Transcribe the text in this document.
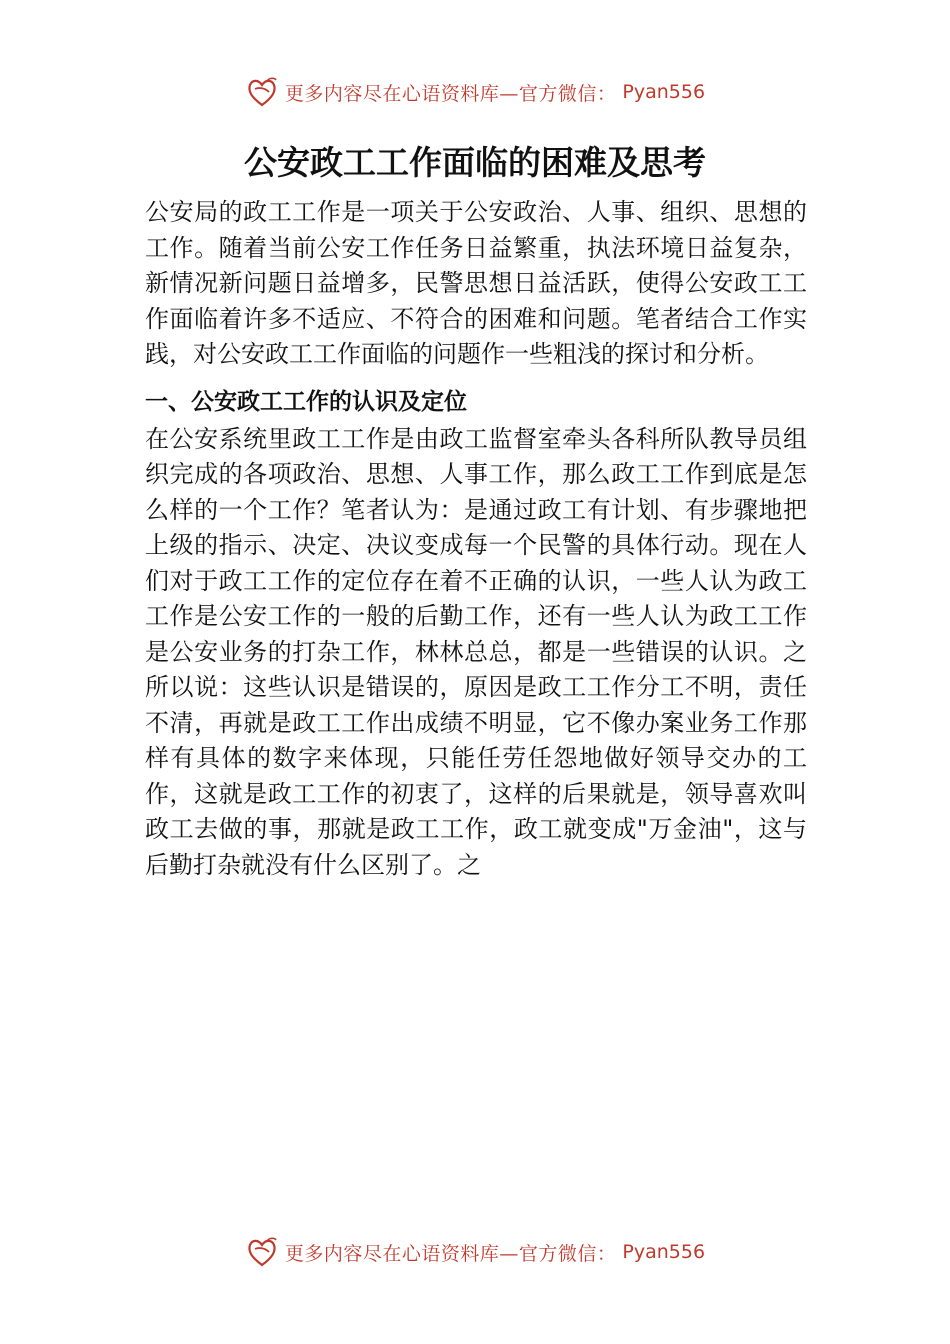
更多内容尽在心语资料库—官方微信： Pyan556
公安政工工作面临的困难及思考

公安局的政工工作是一项关于公安政治、人事、组织、思想的工作。随着当前公安工作任务日益繁重，执法环境日益复杂，新情况新问题日益增多，民警思想日益活跃，使得公安政工工作面临着许多不适应、不符合的困难和问题。笔者结合工作实践，对公安政工工作面临的问题作一些粗浅的探讨和分析。

一、公安政工工作的认识及定位

在公安系统里政工工作是由政工监督室牵头各科所队教导员组织完成的各项政治、思想、人事工作，那么政工工作到底是怎么样的一个工作？笔者认为：是通过政工有计划、有步骤地把上级的指示、决定、决议变成每一个民警的具体行动。现在人们对于政工工作的定位存在着不正确的认识，一些人认为政工工作是公安工作的一般的后勤工作，还有一些人认为政工工作是公安业务的打杂工作，林林总总，都是一些错误的认识。之所以说：这些认识是错误的，原因是政工工作分工不明，责任不清，再就是政工工作出成绩不明显，它不像办案业务工作那样有具体的数字来体现，只能任劳任怨地做好领导交办的工作，这就是政工工作的初衷了，这样的后果就是，领导喜欢叫政工去做的事，那就是政工工作，政工就变成"万金油"，这与后勤打杂就没有什么区别了。之

更多内容尽在心语资料库—官方微信： Pyan556
